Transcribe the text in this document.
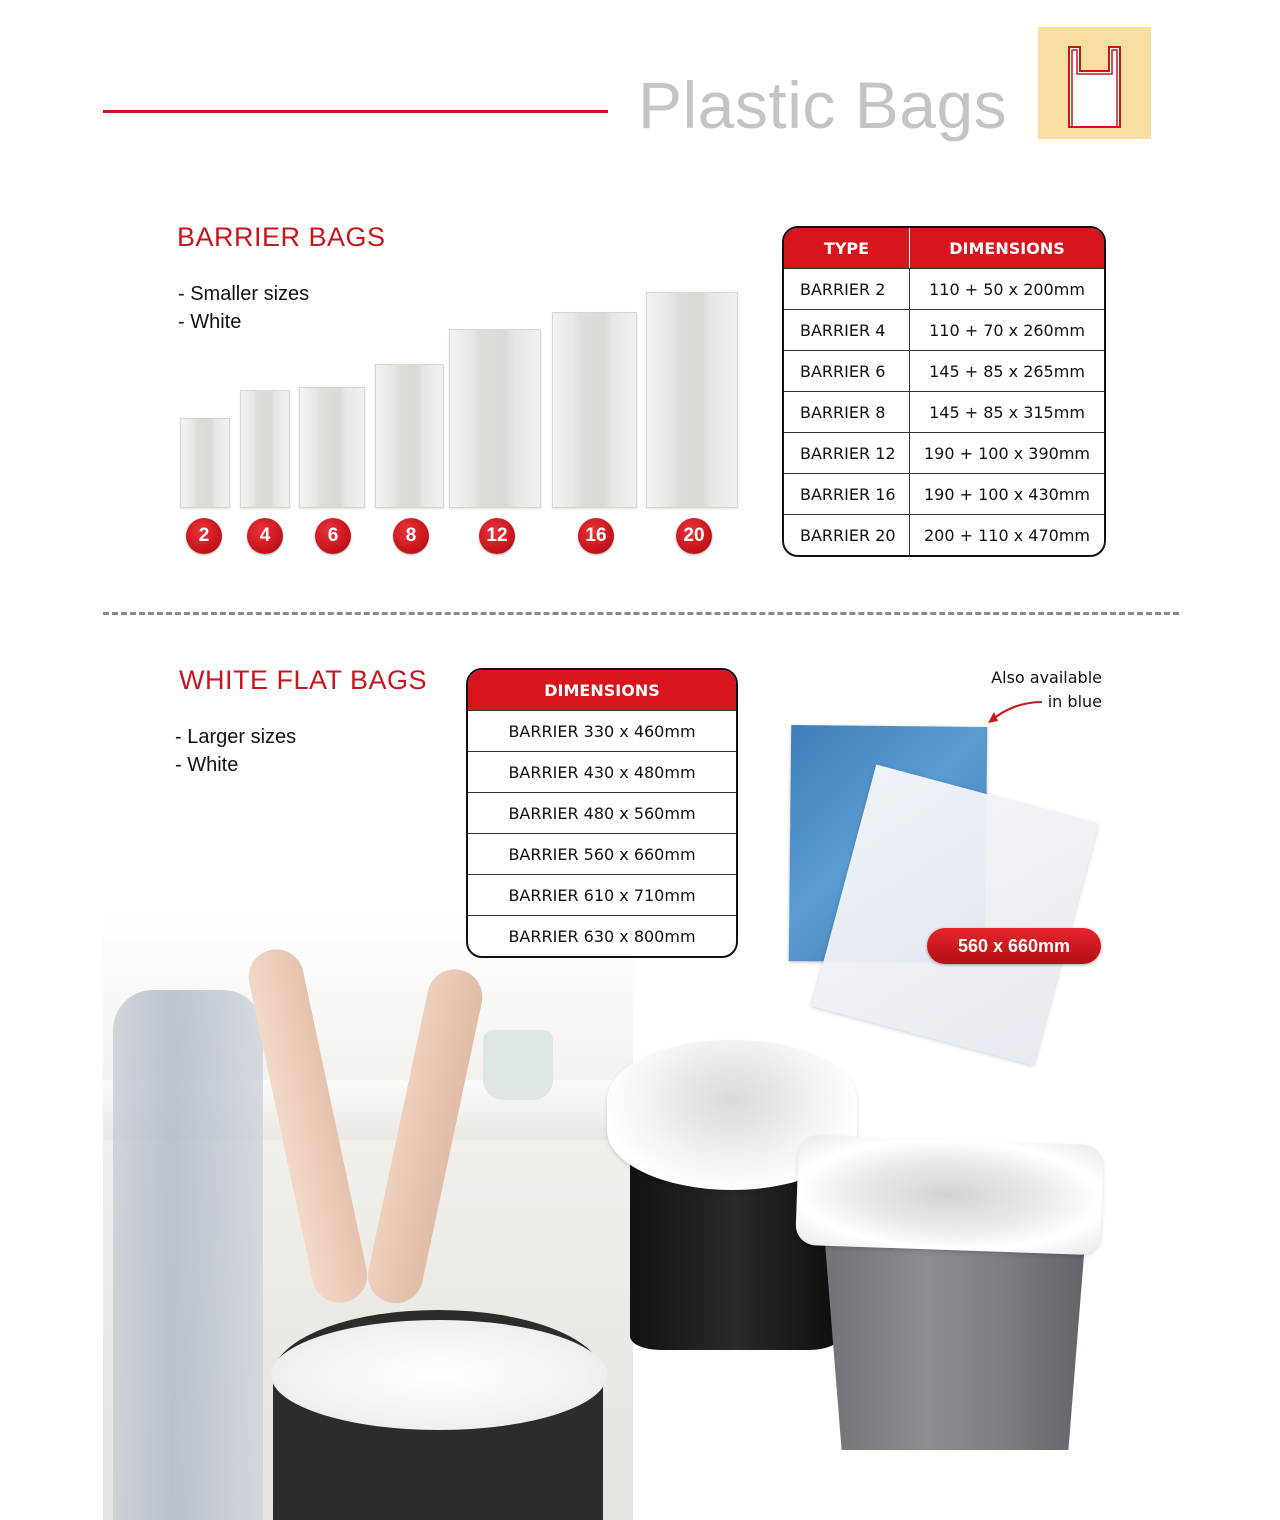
Plastic Bags
BARRIER BAGS
- Smaller sizes
- White
2	4	6	8	12	16	20
TYPE	DIMENSIONS
BARRIER 2	110 + 50 x 200mm
BARRIER 4	110 + 70 x 260mm
BARRIER 6	145 + 85 x 265mm
BARRIER 8	145 + 85 x 315mm
BARRIER 12	190 + 100 x 390mm
BARRIER 16	190 + 100 x 430mm
BARRIER 20	200 + 110 x 470mm
WHITE FLAT BAGS
- Larger sizes
- White
DIMENSIONS
BARRIER 330 x 460mm
BARRIER 430 x 480mm
BARRIER 480 x 560mm
BARRIER 560 x 660mm
BARRIER 610 x 710mm
BARRIER 630 x 800mm
Also available
in blue
560 x 660mm
